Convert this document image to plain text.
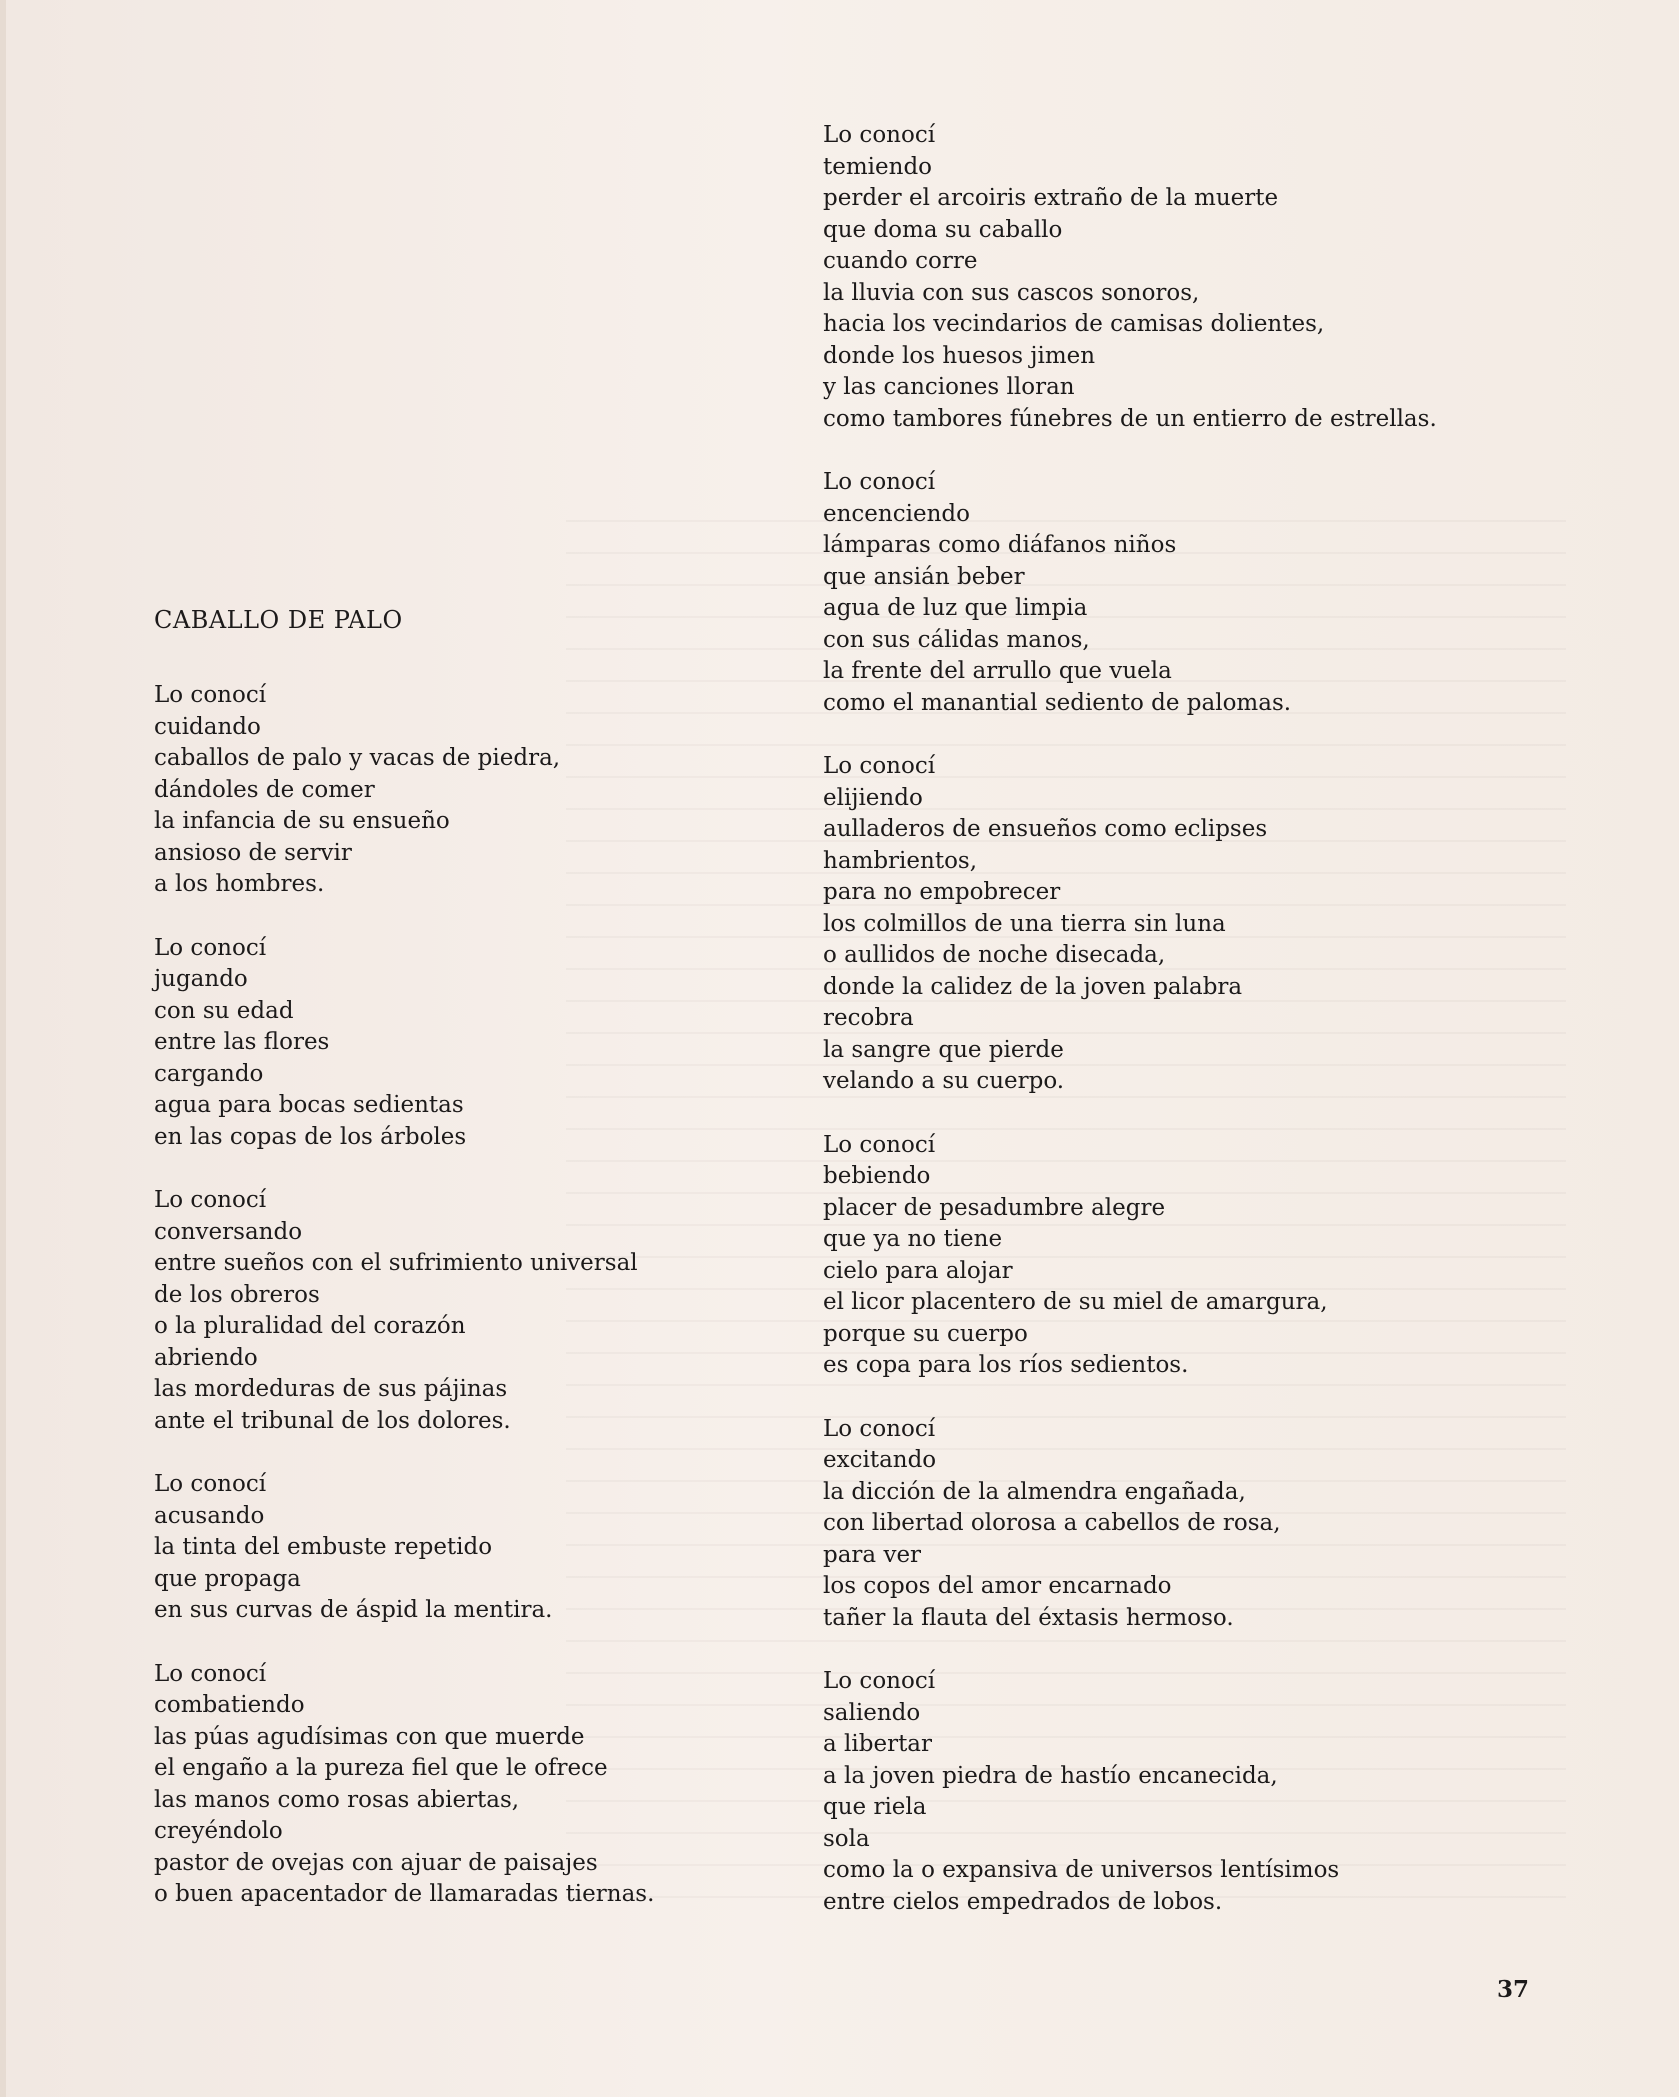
CABALLO DE PALO
Lo conocí
cuidando
caballos de palo y vacas de piedra,
dándoles de comer
la infancia de su ensueño
ansioso de servir
a los hombres.
Lo conocí
jugando
con su edad
entre las flores
cargando
agua para bocas sedientas
en las copas de los árboles
Lo conocí
conversando
entre sueños con el sufrimiento universal
de los obreros
o la pluralidad del corazón
abriendo
las mordeduras de sus pájinas
ante el tribunal de los dolores.
Lo conocí
acusando
la tinta del embuste repetido
que propaga
en sus curvas de áspid la mentira.
Lo conocí
combatiendo
las púas agudísimas con que muerde
el engaño a la pureza fiel que le ofrece
las manos como rosas abiertas,
creyéndolo
pastor de ovejas con ajuar de paisajes
o buen apacentador de llamaradas tiernas.
Lo conocí
temiendo
perder el arcoiris extraño de la muerte
que doma su caballo
cuando corre
la lluvia con sus cascos sonoros,
hacia los vecindarios de camisas dolientes,
donde los huesos jimen
y las canciones lloran
como tambores fúnebres de un entierro de estrellas.
Lo conocí
encenciendo
lámparas como diáfanos niños
que ansián beber
agua de luz que limpia
con sus cálidas manos,
la frente del arrullo que vuela
como el manantial sediento de palomas.
Lo conocí
elijiendo
aulladeros de ensueños como eclipses
hambrientos,
para no empobrecer
los colmillos de una tierra sin luna
o aullidos de noche disecada,
donde la calidez de la joven palabra
recobra
la sangre que pierde
velando a su cuerpo.
Lo conocí
bebiendo
placer de pesadumbre alegre
que ya no tiene
cielo para alojar
el licor placentero de su miel de amargura,
porque su cuerpo
es copa para los ríos sedientos.
Lo conocí
excitando
la dicción de la almendra engañada,
con libertad olorosa a cabellos de rosa,
para ver
los copos del amor encarnado
tañer la flauta del éxtasis hermoso.
Lo conocí
saliendo
a libertar
a la joven piedra de hastío encanecida,
que riela
sola
como la o expansiva de universos lentísimos
entre cielos empedrados de lobos.
37
